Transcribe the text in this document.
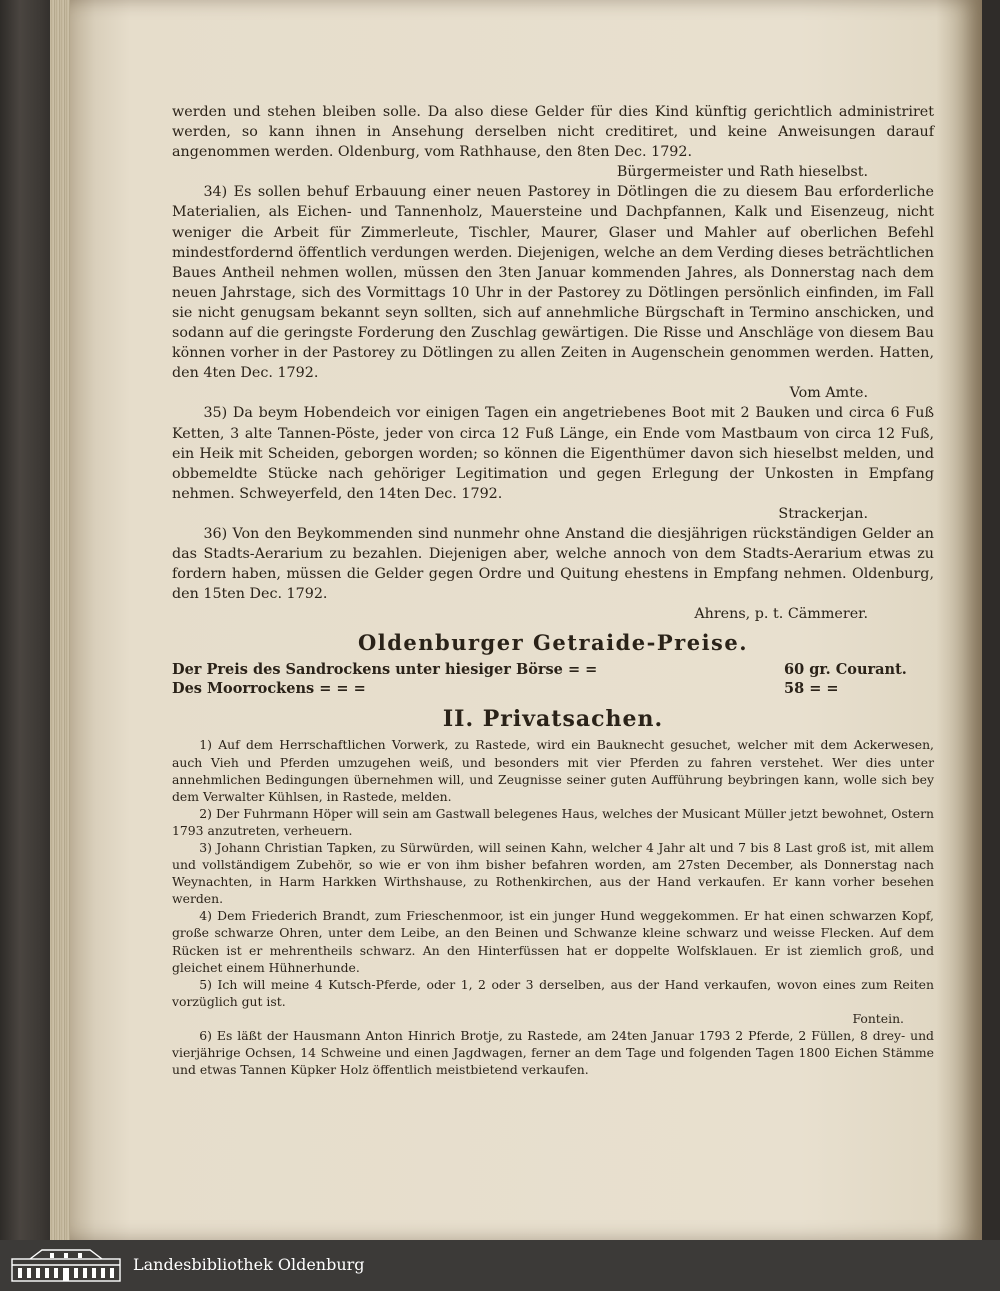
werden und stehen bleiben solle. Da also diese Gelder für dies Kind künftig gerichtlich administriret werden, so kann ihnen in Ansehung derselben nicht creditiret, und keine Anweisungen darauf angenommen werden. Oldenburg, vom Rathhause, den 8ten Dec. 1792.

Bürgermeister und Rath hieselbst.

34) Es sollen behuf Erbauung einer neuen Pastorey in Dötlingen die zu diesem Bau erforderliche Materialien, als Eichen- und Tannenholz, Mauersteine und Dachpfannen, Kalk und Eisenzeug, nicht weniger die Arbeit für Zimmerleute, Tischler, Maurer, Glaser und Mahler auf oberlichen Befehl mindestfordernd öffentlich verdungen werden. Diejenigen, welche an dem Verding dieses beträchtlichen Baues Antheil nehmen wollen, müssen den 3ten Januar kommenden Jahres, als Donnerstag nach dem neuen Jahrstage, sich des Vormittags 10 Uhr in der Pastorey zu Dötlingen persönlich einfinden, im Fall sie nicht genugsam bekannt seyn sollten, sich auf annehmliche Bürgschaft in Termino anschicken, und sodann auf die geringste Forderung den Zuschlag gewärtigen. Die Risse und Anschläge von diesem Bau können vorher in der Pastorey zu Dötlingen zu allen Zeiten in Augenschein genommen werden. Hatten, den 4ten Dec. 1792.

Vom Amte.

35) Da beym Hobendeich vor einigen Tagen ein angetriebenes Boot mit 2 Bauken und circa 6 Fuß Ketten, 3 alte Tannen-Pöste, jeder von circa 12 Fuß Länge, ein Ende vom Mastbaum von circa 12 Fuß, ein Heik mit Scheiden, geborgen worden; so können die Eigenthümer davon sich hieselbst melden, und obbemeldte Stücke nach gehöriger Legitimation und gegen Erlegung der Unkosten in Empfang nehmen. Schweyerfeld, den 14ten Dec. 1792.

Strackerjan.

36) Von den Beykommenden sind nunmehr ohne Anstand die diesjährigen rückständigen Gelder an das Stadts-Aerarium zu bezahlen. Diejenigen aber, welche annoch von dem Stadts-Aerarium etwas zu fordern haben, müssen die Gelder gegen Ordre und Quitung ehestens in Empfang nehmen. Oldenburg, den 15ten Dec. 1792.

Ahrens, p. t. Cämmerer.

Oldenburger Getraide-Preise.
Der Preis des Sandrockens unter hiesiger Börse = =	60 gr. Courant.
Des Moorrockens = = =	58 = =
II. Privatsachen.

1) Auf dem Herrschaftlichen Vorwerk, zu Rastede, wird ein Bauknecht gesuchet, welcher mit dem Ackerwesen, auch Vieh und Pferden umzugehen weiß, und besonders mit vier Pferden zu fahren verstehet. Wer dies unter annehmlichen Bedingungen übernehmen will, und Zeugnisse seiner guten Aufführung beybringen kann, wolle sich bey dem Verwalter Kühlsen, in Rastede, melden.

2) Der Fuhrmann Höper will sein am Gastwall belegenes Haus, welches der Musicant Müller jetzt bewohnet, Ostern 1793 anzutreten, verheuern.

3) Johann Christian Tapken, zu Sürwürden, will seinen Kahn, welcher 4 Jahr alt und 7 bis 8 Last groß ist, mit allem und vollständigem Zubehör, so wie er von ihm bisher befahren worden, am 27sten December, als Donnerstag nach Weynachten, in Harm Harkken Wirthshause, zu Rothenkirchen, aus der Hand verkaufen. Er kann vorher besehen werden.

4) Dem Friederich Brandt, zum Frieschenmoor, ist ein junger Hund weggekommen. Er hat einen schwarzen Kopf, große schwarze Ohren, unter dem Leibe, an den Beinen und Schwanze kleine schwarz und weisse Flecken. Auf dem Rücken ist er mehrentheils schwarz. An den Hinterfüssen hat er doppelte Wolfsklauen. Er ist ziemlich groß, und gleichet einem Hühnerhunde.

5) Ich will meine 4 Kutsch-Pferde, oder 1, 2 oder 3 derselben, aus der Hand verkaufen, wovon eines zum Reiten vorzüglich gut ist.

Fontein.

6) Es läßt der Hausmann Anton Hinrich Brotje, zu Rastede, am 24ten Januar 1793 2 Pferde, 2 Füllen, 8 drey- und vierjährige Ochsen, 14 Schweine und einen Jagdwagen, ferner an dem Tage und folgenden Tagen 1800 Eichen Stämme und etwas Tannen Küpker Holz öffentlich meistbietend verkaufen.

Landesbibliothek Oldenburg
